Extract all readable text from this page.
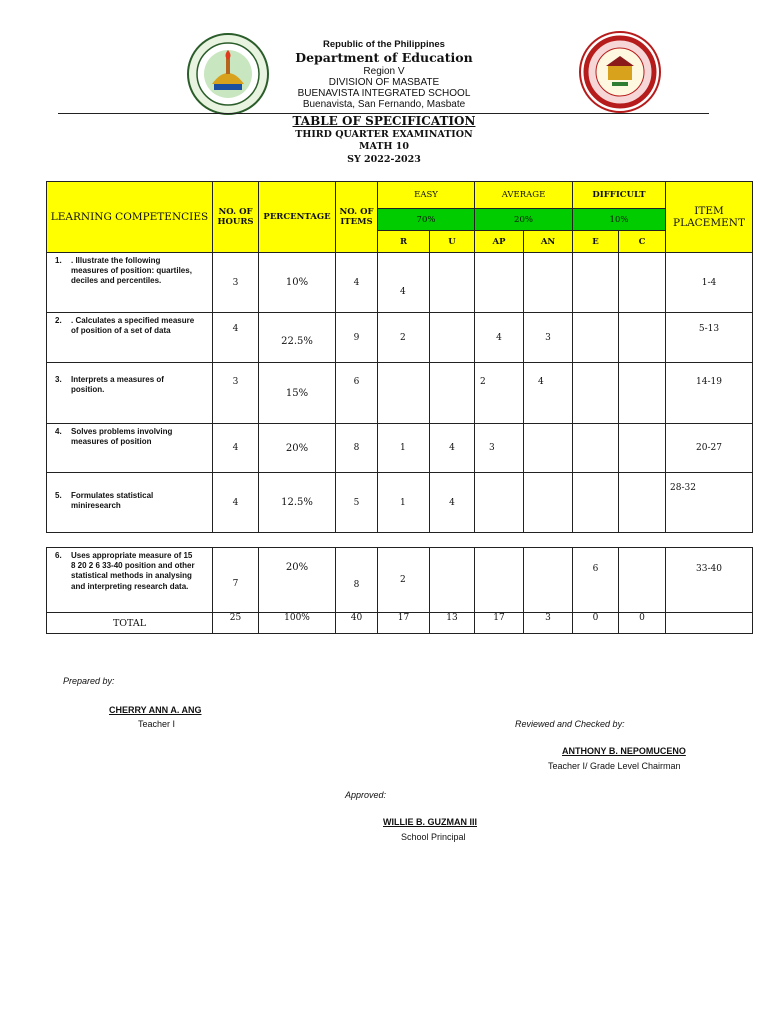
Republic of the Philippines
Department of Education
Region V
DIVISION OF MASBATE
BUENAVISTA INTEGRATED SCHOOL
Buenavista, San Fernando, Masbate
TABLE OF SPECIFICATION
THIRD QUARTER EXAMINATION
MATH 10
SY 2022-2023
LEARNING COMPETENCIES	NO. OF HOURS	PERCENTAGE	NO. OF ITEMS	EASY		AVERAGE		DIFFICULT		ITEM PLACEMENT
				70%		20%		10%		
				R	U	AP	AN	E	C	
1. . Illustrate the following measures of position: quartiles, deciles and percentiles.	3	10%	4	4						1-4
2. . Calculates a specified measure of position of a set of data	4	22.5%	9	2		4	3			5-13
3. Interprets a measures of position.	3	15%	6			2	4			14-19
4. Solves problems involving measures of position	4	20%	8	1	4	3				20-27
5. Formulates statistical miniresearch	4	12.5%	5	1	4					28-32
6. Uses appropriate measure of 15 8 20 2 6 33-40 position and other statistical methods in analysing and interpreting research data.	7	20%	8	2				6		33-40
TOTAL	25	100%	40	17	13	17	3	0	0	
Prepared by:
CHERRY ANN A. ANG
Teacher I	Reviewed and Checked by:
ANTHONY B. NEPOMUCENO
Teacher I/ Grade Level Chairman
Approved:
WILLIE B. GUZMAN III
School Principal
